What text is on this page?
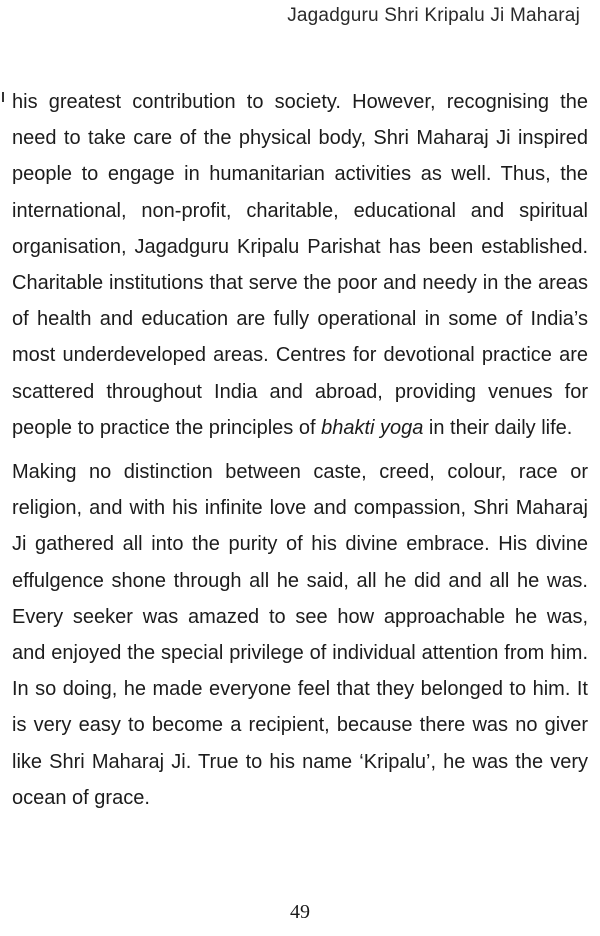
Jagadguru Shri Kripalu Ji Maharaj

his greatest contribution to society. However, recognising the need to take care of the physical body, Shri Maharaj Ji inspired people to engage in humanitarian activities as well. Thus, the international, non-profit, charitable, educational and spiritual organisation, Jagadguru Kripalu Parishat has been established. Charitable institutions that serve the poor and needy in the areas of health and education are fully operational in some of India’s most underdeveloped areas. Centres for devotional practice are scattered throughout India and abroad, providing venues for people to practice the principles of bhakti yoga in their daily life.

Making no distinction between caste, creed, colour, race or religion, and with his infinite love and compassion, Shri Maharaj Ji gathered all into the purity of his divine embrace. His divine effulgence shone through all he said, all he did and all he was. Every seeker was amazed to see how approachable he was, and enjoyed the special privilege of individual attention from him. In so doing, he made everyone feel that they belonged to him. It is very easy to become a recipient, because there was no giver like Shri Maharaj Ji. True to his name ‘Kripalu’, he was the very ocean of grace.

49
